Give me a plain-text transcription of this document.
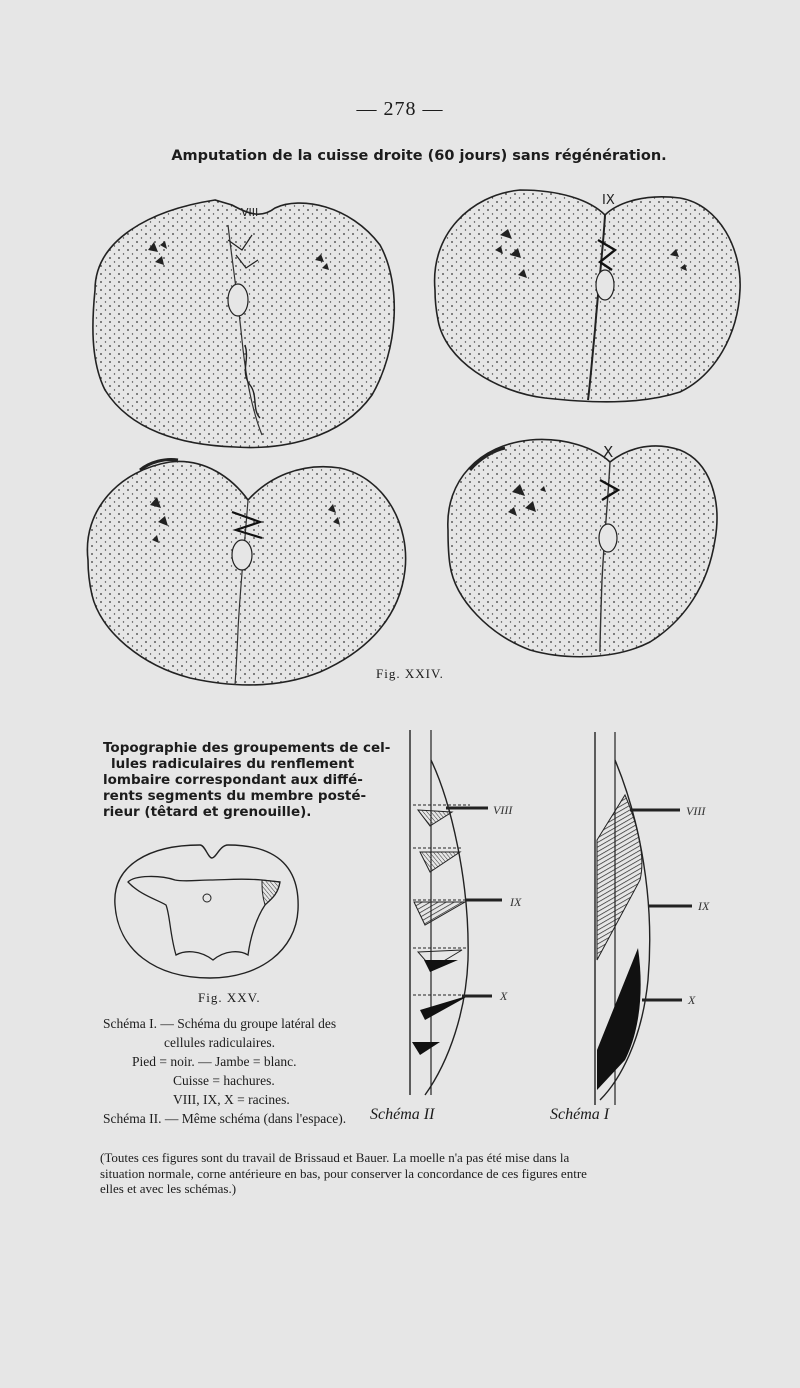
— 278 —
Amputation de la cuisse droite (60 jours) sans régénération.
VIII
IX
X
VIII
IX
X
VIII
IX
X
Fig. XXIV.
Topographie des groupements de cel-
lules radiculaires du renflement
lombaire correspondant aux diffé-
rents segments du membre posté-
rieur (têtard et grenouille).
Fig. XXV.
Schéma I. — Schéma du groupe latéral des
cellules radiculaires.
Pied = noir. — Jambe = blanc.
Cuisse = hachures.
VIII, IX, X = racines.
Schéma II. — Même schéma (dans l'espace). Schéma II	Schéma I
(Toutes ces figures sont du travail de Brissaud et Bauer. La moelle n'a pas été mise dans la
situation normale, corne antérieure en bas, pour conserver la concordance de ces figures entre
elles et avec les schémas.)
